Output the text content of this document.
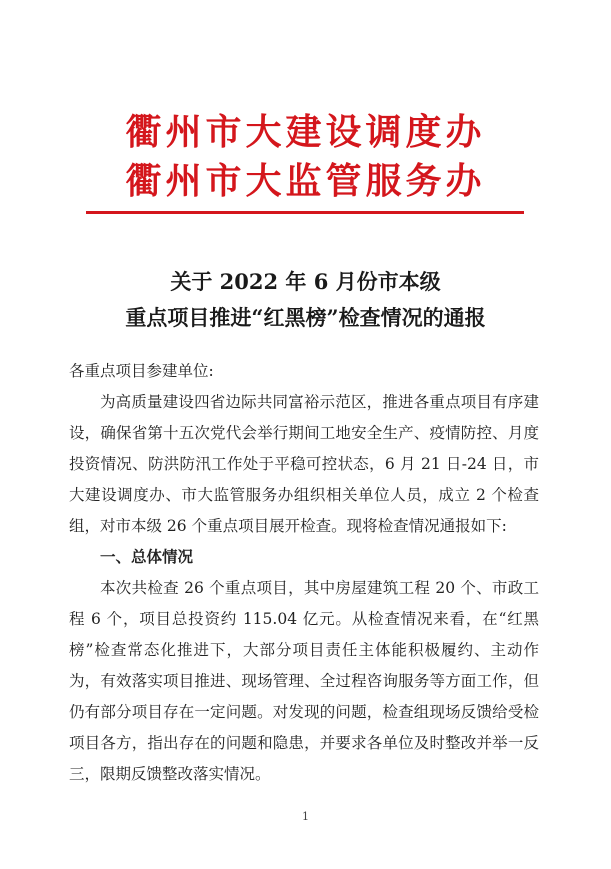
衢州市大建设调度办
衢州市大监管服务办
关于 2022 年 6 月份市本级
重点项目推进“红黑榜”检查情况的通报

各重点项目参建单位:

为高质量建设四省边际共同富裕示范区，推进各重点项目有序建设，确保省第十五次党代会举行期间工地安全生产、疫情防控、月度投资情况、防洪防汛工作处于平稳可控状态，6 月 21 日-24 日，市大建设调度办、市大监管服务办组织相关单位人员，成立 2 个检查组，对市本级 26 个重点项目展开检查。现将检查情况通报如下:

一、总体情况

本次共检查 26 个重点项目，其中房屋建筑工程 20 个、市政工程 6 个，项目总投资约 115.04 亿元。从检查情况来看，在“红黑榜”检查常态化推进下，大部分项目责任主体能积极履约、主动作为，有效落实项目推进、现场管理、全过程咨询服务等方面工作，但仍有部分项目存在一定问题。对发现的问题，检查组现场反馈给受检项目各方，指出存在的问题和隐患，并要求各单位及时整改并举一反三，限期反馈整改落实情况。

1
